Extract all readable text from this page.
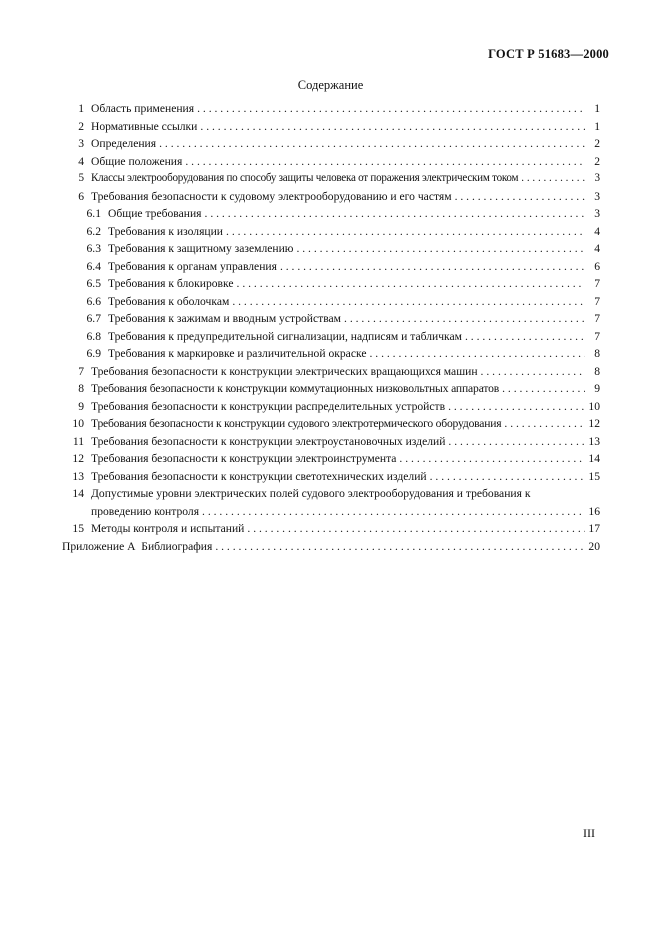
ГОСТ Р 51683—2000
Содержание
1 Область применения . . .	1
2 Нормативные ссылки . . .	1
3 Определения . . .	2
4 Общие положения . . .	2
5 Классы электрооборудования по способу защиты человека от поражения электрическим током . . .	3
6 Требования безопасности к судовому электрооборудованию и его частям . . .	3
6.1 Общие требования . . .	3
6.2 Требования к изоляции . . .	4
6.3 Требования к защитному заземлению . . .	4
6.4 Требования к органам управления . . .	6
6.5 Требования к блокировке . . .	7
6.6 Требования к оболочкам . . .	7
6.7 Требования к зажимам и вводным устройствам . . .	7
6.8 Требования к предупредительной сигнализации, надписям и табличкам . . .	7
6.9 Требования к маркировке и различительной окраске . . .	8
7 Требования безопасности к конструкции электрических вращающихся машин . . .	8
8 Требования безопасности к конструкции коммутационных низковольтных аппаратов . . .	9
9 Требования безопасности к конструкции распределительных устройств . . .	10
10 Требования безопасности к конструкции судового электротермического оборудования . . .	12
11 Требования безопасности к конструкции электроустановочных изделий . . .	13
12 Требования безопасности к конструкции электроинструмента . . .	14
13 Требования безопасности к конструкции светотехнических изделий . . .	15
14 Допустимые уровни электрических полей судового электрооборудования и требования к
проведению контроля . . .	16
15 Методы контроля и испытаний . . .	17
Приложение А  Библиография . . .	20
III
